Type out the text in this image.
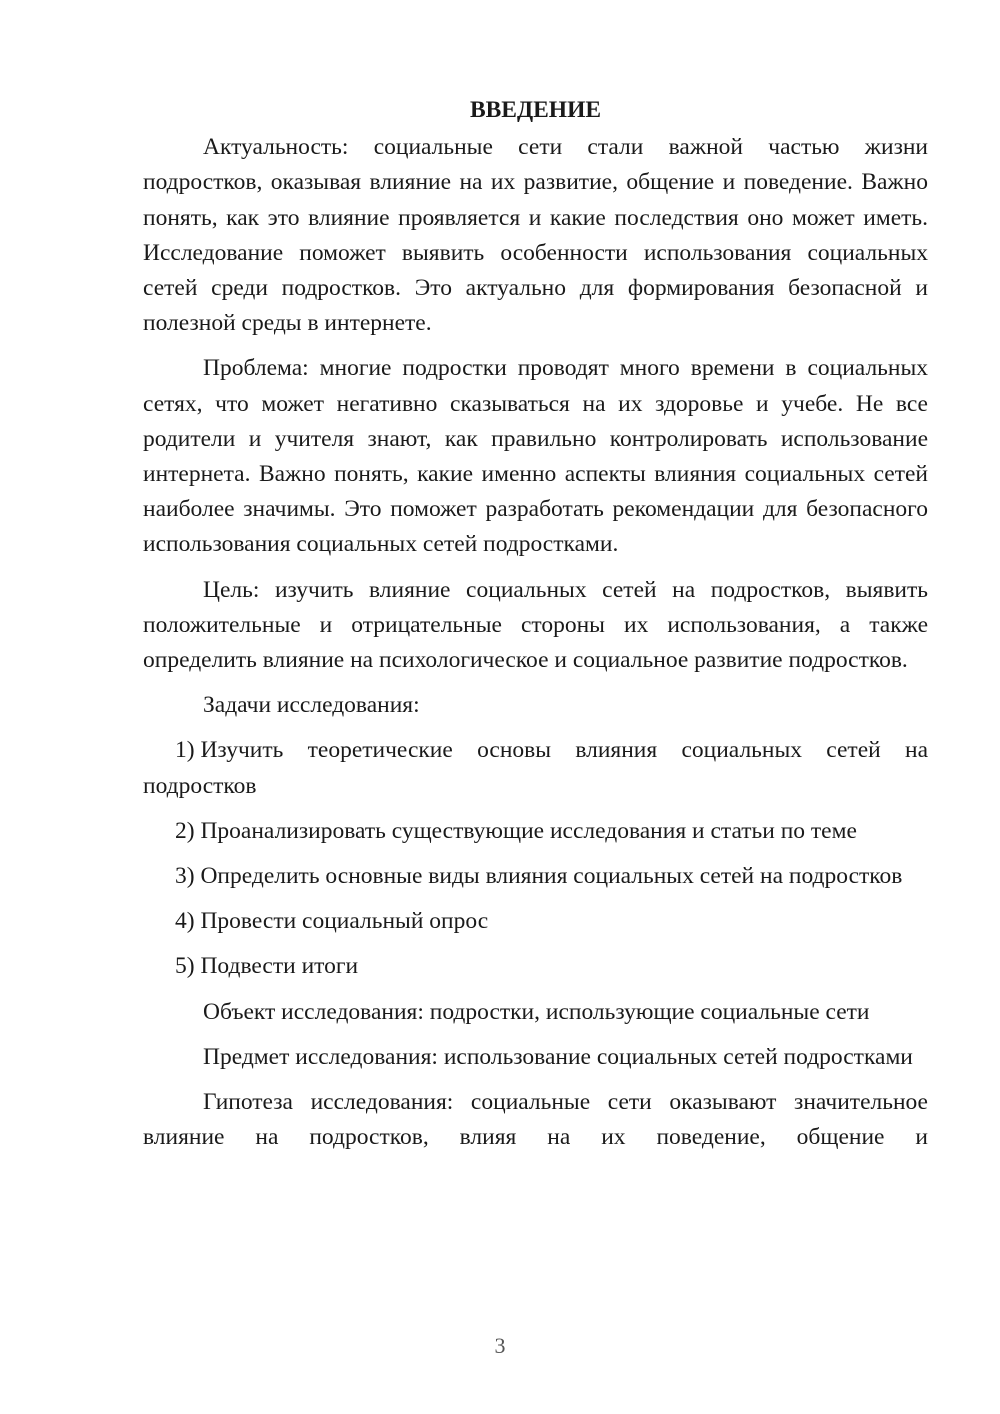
ВВЕДЕНИЕ
Актуальность: социальные сети стали важной частью жизни подростков, оказывая влияние на их развитие, общение и поведение. Важно понять, как это влияние проявляется и какие последствия оно может иметь. Исследование поможет выявить особенности использования социальных сетей среди подростков. Это актуально для формирования безопасной и полезной среды в интернете.
Проблема: многие подростки проводят много времени в социальных сетях, что может негативно сказываться на их здоровье и учебе. Не все родители и учителя знают, как правильно контролировать использование интернета. Важно понять, какие именно аспекты влияния социальных сетей наиболее значимы. Это поможет разработать рекомендации для безопасного использования социальных сетей подростками.
Цель: изучить влияние социальных сетей на подростков, выявить положительные и отрицательные стороны их использования, а также определить влияние на психологическое и социальное развитие подростков.
Задачи исследования:
1) Изучить теоретические основы влияния социальных сетей на подростков
2) Проанализировать существующие исследования и статьи по теме
3) Определить основные виды влияния социальных сетей на подростков
4) Провести социальный опрос
5) Подвести итоги
Объект исследования: подростки, использующие социальные сети
Предмет исследования: использование социальных сетей подростками
Гипотеза исследования: социальные сети оказывают значительное влияние на подростков, влияя на их поведение, общение и
3
